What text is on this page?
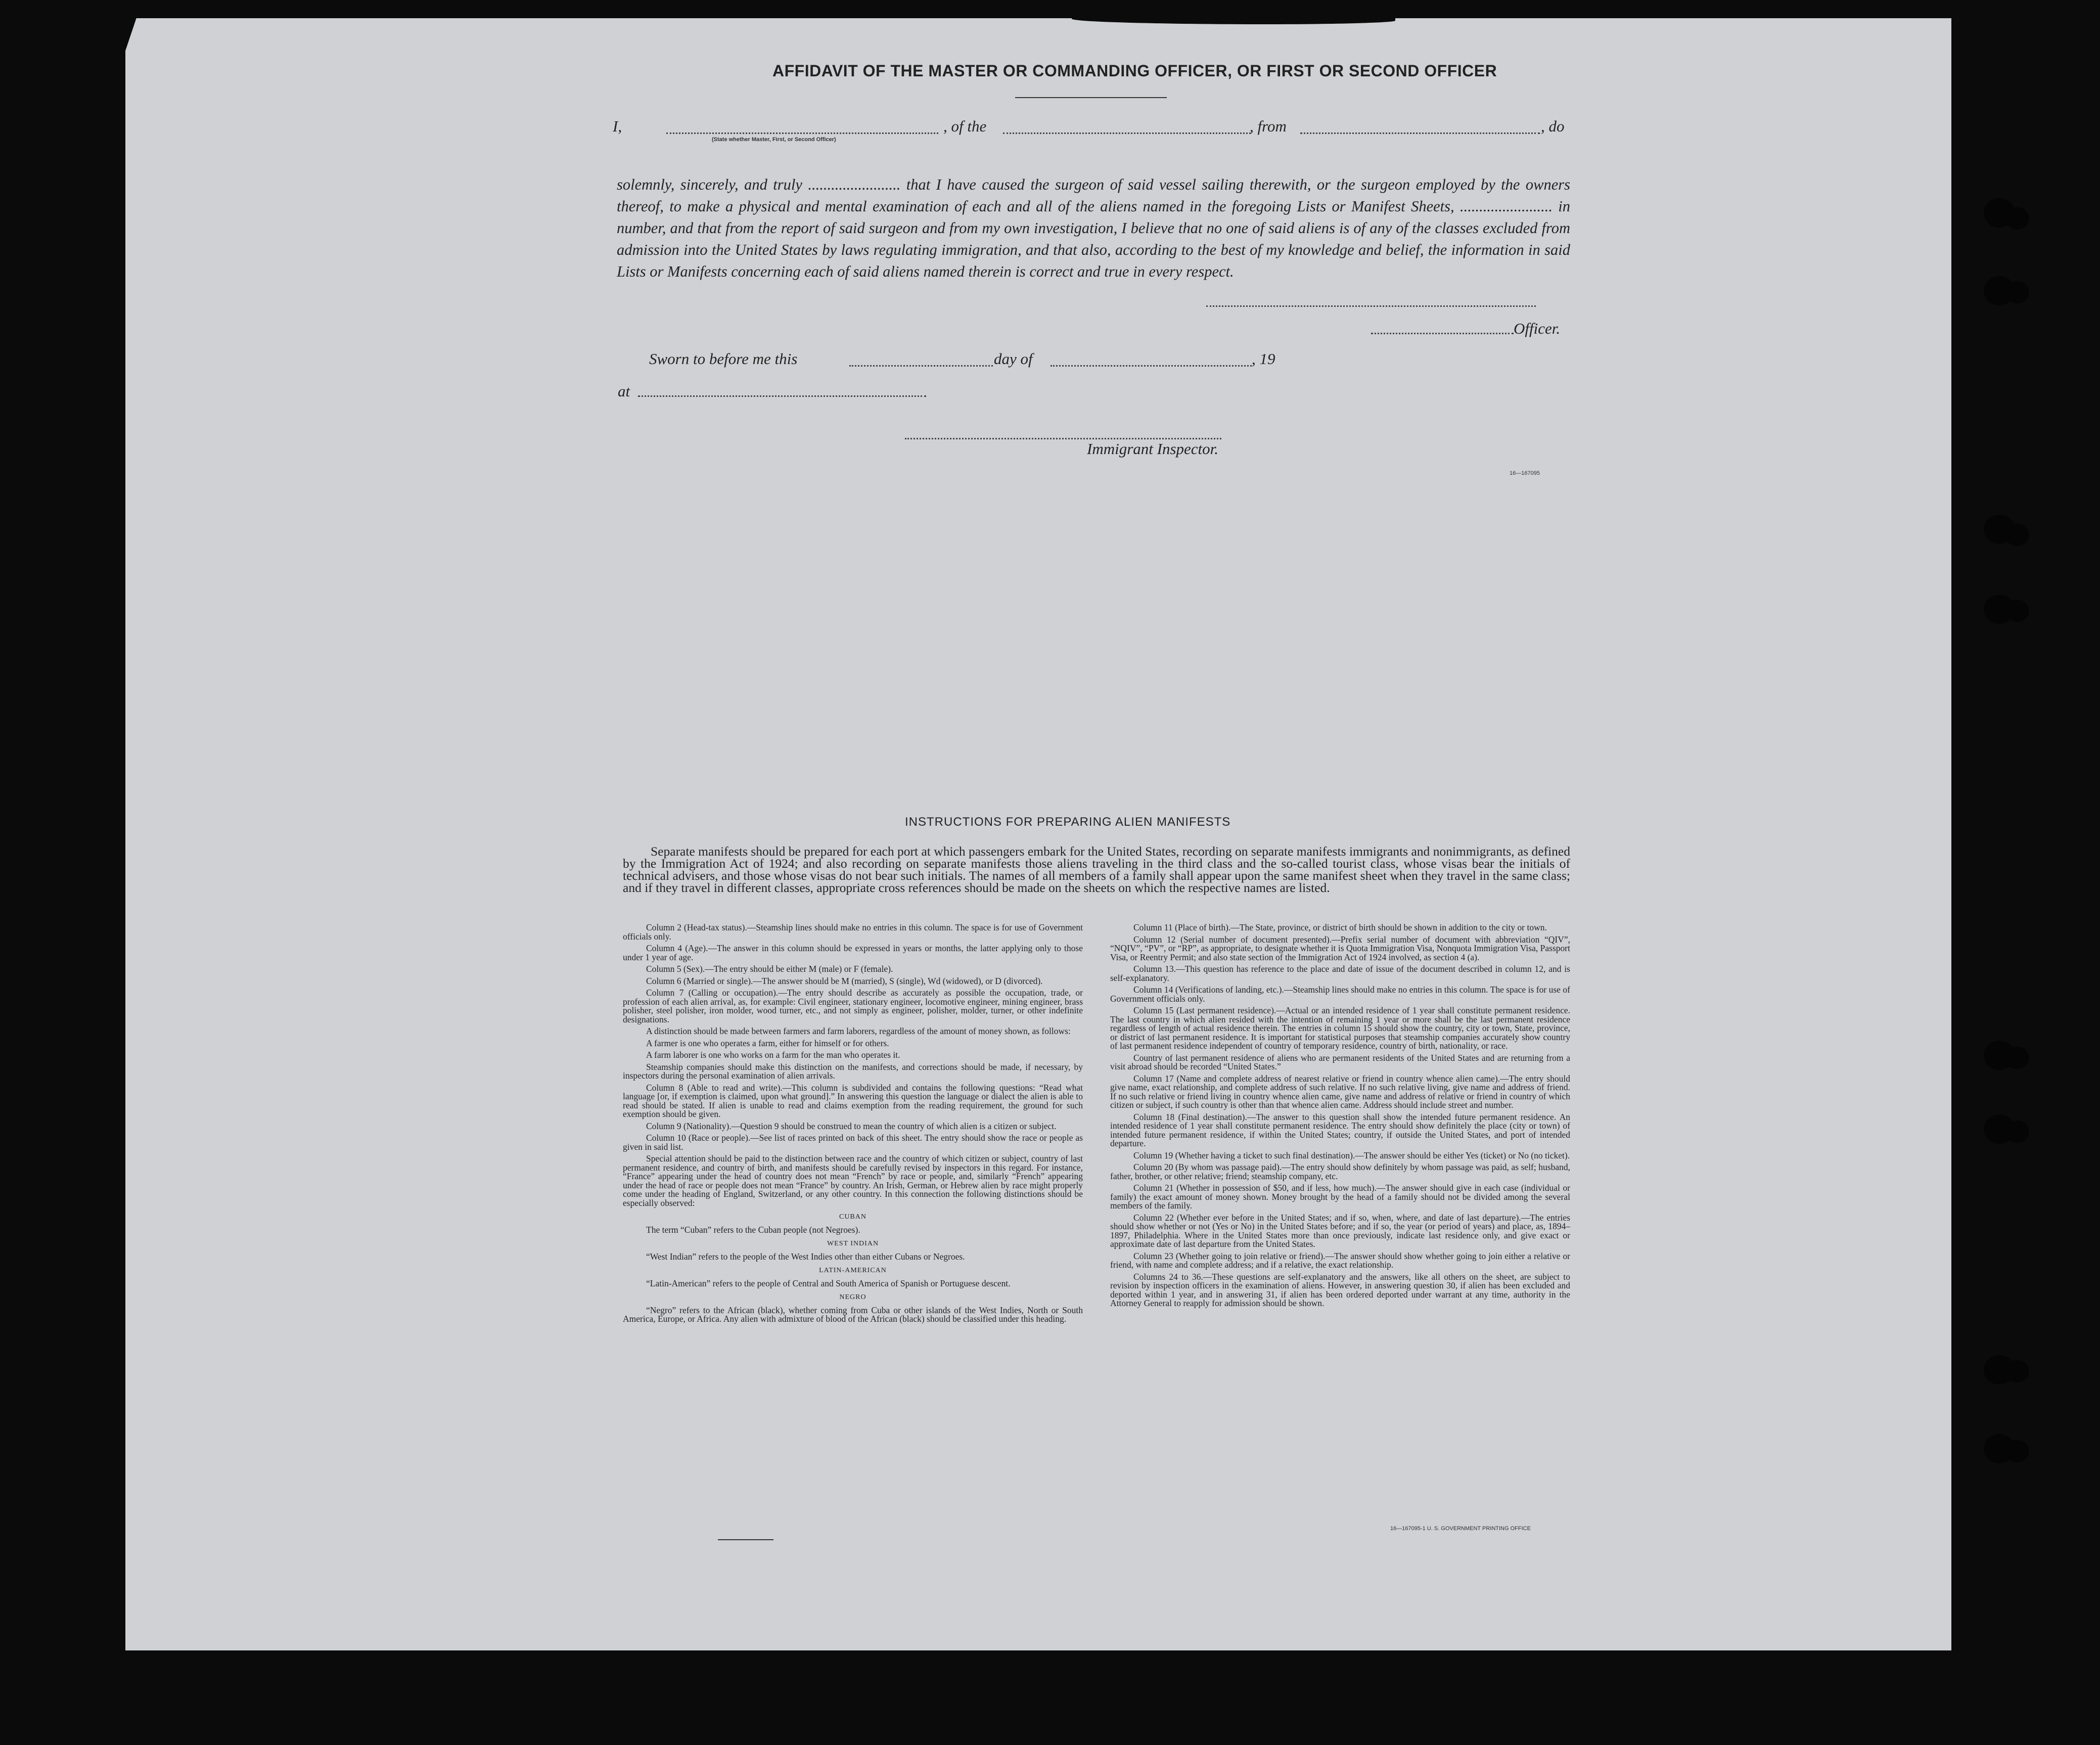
AFFIDAVIT OF THE MASTER OR COMMANDING OFFICER, OR FIRST OR SECOND OFFICER
I,
(State whether Master, First, or Second Officer)
, of the	, from	, do
solemnly, sincerely, and truly ........................ that I have caused the surgeon of said vessel sailing therewith, or the surgeon employed by the owners thereof, to make a physical and mental examination of each and all of the aliens named in the foregoing Lists or Manifest Sheets, ........................ in number, and that from the report of said surgeon and from my own investigation, I believe that no one of said aliens is of any of the classes excluded from admission into the United States by laws regulating immigration, and that also, according to the best of my knowledge and belief, the information in said Lists or Manifests concerning each of said aliens named therein is correct and true in every respect.
Officer.
Sworn to before me this	day of	, 19
at
Immigrant Inspector.
16—167095
INSTRUCTIONS FOR PREPARING ALIEN MANIFESTS

Separate manifests should be prepared for each port at which passengers embark for the United States, recording on separate manifests immigrants and nonimmigrants, as defined by the Immigration Act of 1924; and also recording on separate manifests those aliens traveling in the third class and the so-called tourist class, whose visas bear the initials of technical advisers, and those whose visas do not bear such initials. The names of all members of a family shall appear upon the same manifest sheet when they travel in the same class; and if they travel in different classes, appropriate cross references should be made on the sheets on which the respective names are listed.

Column 2 (Head-tax status).—Steamship lines should make no entries in this column. The space is for use of Government officials only.

Column 4 (Age).—The answer in this column should be expressed in years or months, the latter applying only to those under 1 year of age.

Column 5 (Sex).—The entry should be either M (male) or F (female).

Column 6 (Married or single).—The answer should be M (married), S (single), Wd (widowed), or D (divorced).

Column 7 (Calling or occupation).—The entry should describe as accurately as possible the occupation, trade, or profession of each alien arrival, as, for example: Civil engineer, stationary engineer, locomotive engineer, mining engineer, brass polisher, steel polisher, iron molder, wood turner, etc., and not simply as engineer, polisher, molder, turner, or other indefinite designations.

A distinction should be made between farmers and farm laborers, regardless of the amount of money shown, as follows:

A farmer is one who operates a farm, either for himself or for others.

A farm laborer is one who works on a farm for the man who operates it.

Steamship companies should make this distinction on the manifests, and corrections should be made, if necessary, by inspectors during the personal examination of alien arrivals.

Column 8 (Able to read and write).—This column is subdivided and contains the following questions: “Read what language [or, if exemption is claimed, upon what ground].” In answering this question the language or dialect the alien is able to read should be stated. If alien is unable to read and claims exemption from the reading requirement, the ground for such exemption should be given.

Column 9 (Nationality).—Question 9 should be construed to mean the country of which alien is a citizen or subject.

Column 10 (Race or people).—See list of races printed on back of this sheet. The entry should show the race or people as given in said list.

Special attention should be paid to the distinction between race and the country of which citizen or subject, country of last permanent residence, and country of birth, and manifests should be carefully revised by inspectors in this regard. For instance, “France” appearing under the head of country does not mean “French” by race or people, and, similarly “French” appearing under the head of race or people does not mean “France” by country. An Irish, German, or Hebrew alien by race might properly come under the heading of England, Switzerland, or any other country. In this connection the following distinctions should be especially observed:

CUBAN

The term “Cuban” refers to the Cuban people (not Negroes).

WEST INDIAN

“West Indian” refers to the people of the West Indies other than either Cubans or Negroes.

LATIN-AMERICAN

“Latin-American” refers to the people of Central and South America of Spanish or Portuguese descent.

NEGRO

“Negro” refers to the African (black), whether coming from Cuba or other islands of the West Indies, North or South America, Europe, or Africa. Any alien with admixture of blood of the African (black) should be classified under this heading.

Column 11 (Place of birth).—The State, province, or district of birth should be shown in addition to the city or town.

Column 12 (Serial number of document presented).—Prefix serial number of document with abbreviation “QIV”, “NQIV”, “PV”, or “RP”, as appropriate, to designate whether it is Quota Immigration Visa, Nonquota Immigration Visa, Passport Visa, or Reentry Permit; and also state section of the Immigration Act of 1924 involved, as section 4 (a).

Column 13.—This question has reference to the place and date of issue of the document described in column 12, and is self-explanatory.

Column 14 (Verifications of landing, etc.).—Steamship lines should make no entries in this column. The space is for use of Government officials only.

Column 15 (Last permanent residence).—Actual or an intended residence of 1 year shall constitute permanent residence. The last country in which alien resided with the intention of remaining 1 year or more shall be the last permanent residence regardless of length of actual residence therein. The entries in column 15 should show the country, city or town, State, province, or district of last permanent residence. It is important for statistical purposes that steamship companies accurately show country of last permanent residence independent of country of temporary residence, country of birth, nationality, or race.

Country of last permanent residence of aliens who are permanent residents of the United States and are returning from a visit abroad should be recorded “United States.”

Column 17 (Name and complete address of nearest relative or friend in country whence alien came).—The entry should give name, exact relationship, and complete address of such relative. If no such relative living, give name and address of friend. If no such relative or friend living in country whence alien came, give name and address of relative or friend in country of which citizen or subject, if such country is other than that whence alien came. Address should include street and number.

Column 18 (Final destination).—The answer to this question shall show the intended future permanent residence. An intended residence of 1 year shall constitute permanent residence. The entry should show definitely the place (city or town) of intended future permanent residence, if within the United States; country, if outside the United States, and port of intended departure.

Column 19 (Whether having a ticket to such final destination).—The answer should be either Yes (ticket) or No (no ticket).

Column 20 (By whom was passage paid).—The entry should show definitely by whom passage was paid, as self; husband, father, brother, or other relative; friend; steamship company, etc.

Column 21 (Whether in possession of $50, and if less, how much).—The answer should give in each case (individual or family) the exact amount of money shown. Money brought by the head of a family should not be divided among the several members of the family.

Column 22 (Whether ever before in the United States; and if so, when, where, and date of last departure).—The entries should show whether or not (Yes or No) in the United States before; and if so, the year (or period of years) and place, as, 1894–1897, Philadelphia. Where in the United States more than once previously, indicate last residence only, and give exact or approximate date of last departure from the United States.

Column 23 (Whether going to join relative or friend).—The answer should show whether going to join either a relative or friend, with name and complete address; and if a relative, the exact relationship.

Columns 24 to 36.—These questions are self-explanatory and the answers, like all others on the sheet, are subject to revision by inspection officers in the examination of aliens. However, in answering question 30, if alien has been excluded and deported within 1 year, and in answering 31, if alien has been ordered deported under warrant at any time, authority in the Attorney General to reapply for admission should be shown.

16—167095-1 U. S. GOVERNMENT PRINTING OFFICE
